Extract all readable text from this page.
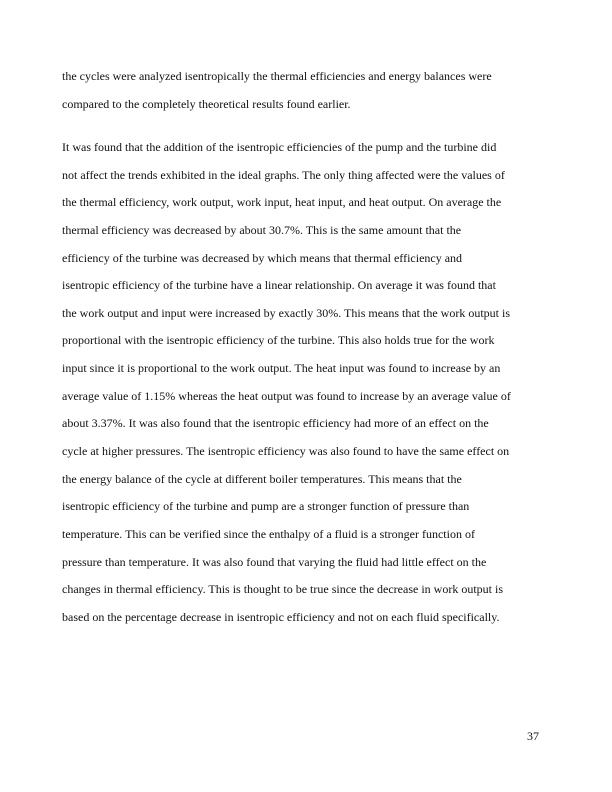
the cycles were analyzed isentropically the thermal efficiencies and energy balances were
compared to the completely theoretical results found earlier.
It was found that the addition of the isentropic efficiencies of the pump and the turbine did
not affect the trends exhibited in the ideal graphs. The only thing affected were the values of
the thermal efficiency, work output, work input, heat input, and heat output. On average the
thermal efficiency was decreased by about 30.7%. This is the same amount that the
efficiency of the turbine was decreased by which means that thermal efficiency and
isentropic efficiency of the turbine have a linear relationship. On average it was found that
the work output and input were increased by exactly 30%. This means that the work output is
proportional with the isentropic efficiency of the turbine. This also holds true for the work
input since it is proportional to the work output. The heat input was found to increase by an
average value of 1.15% whereas the heat output was found to increase by an average value of
about 3.37%. It was also found that the isentropic efficiency had more of an effect on the
cycle at higher pressures. The isentropic efficiency was also found to have the same effect on
the energy balance of the cycle at different boiler temperatures. This means that the
isentropic efficiency of the turbine and pump are a stronger function of pressure than
temperature. This can be verified since the enthalpy of a fluid is a stronger function of
pressure than temperature. It was also found that varying the fluid had little effect on the
changes in thermal efficiency. This is thought to be true since the decrease in work output is
based on the percentage decrease in isentropic efficiency and not on each fluid specifically.
37
